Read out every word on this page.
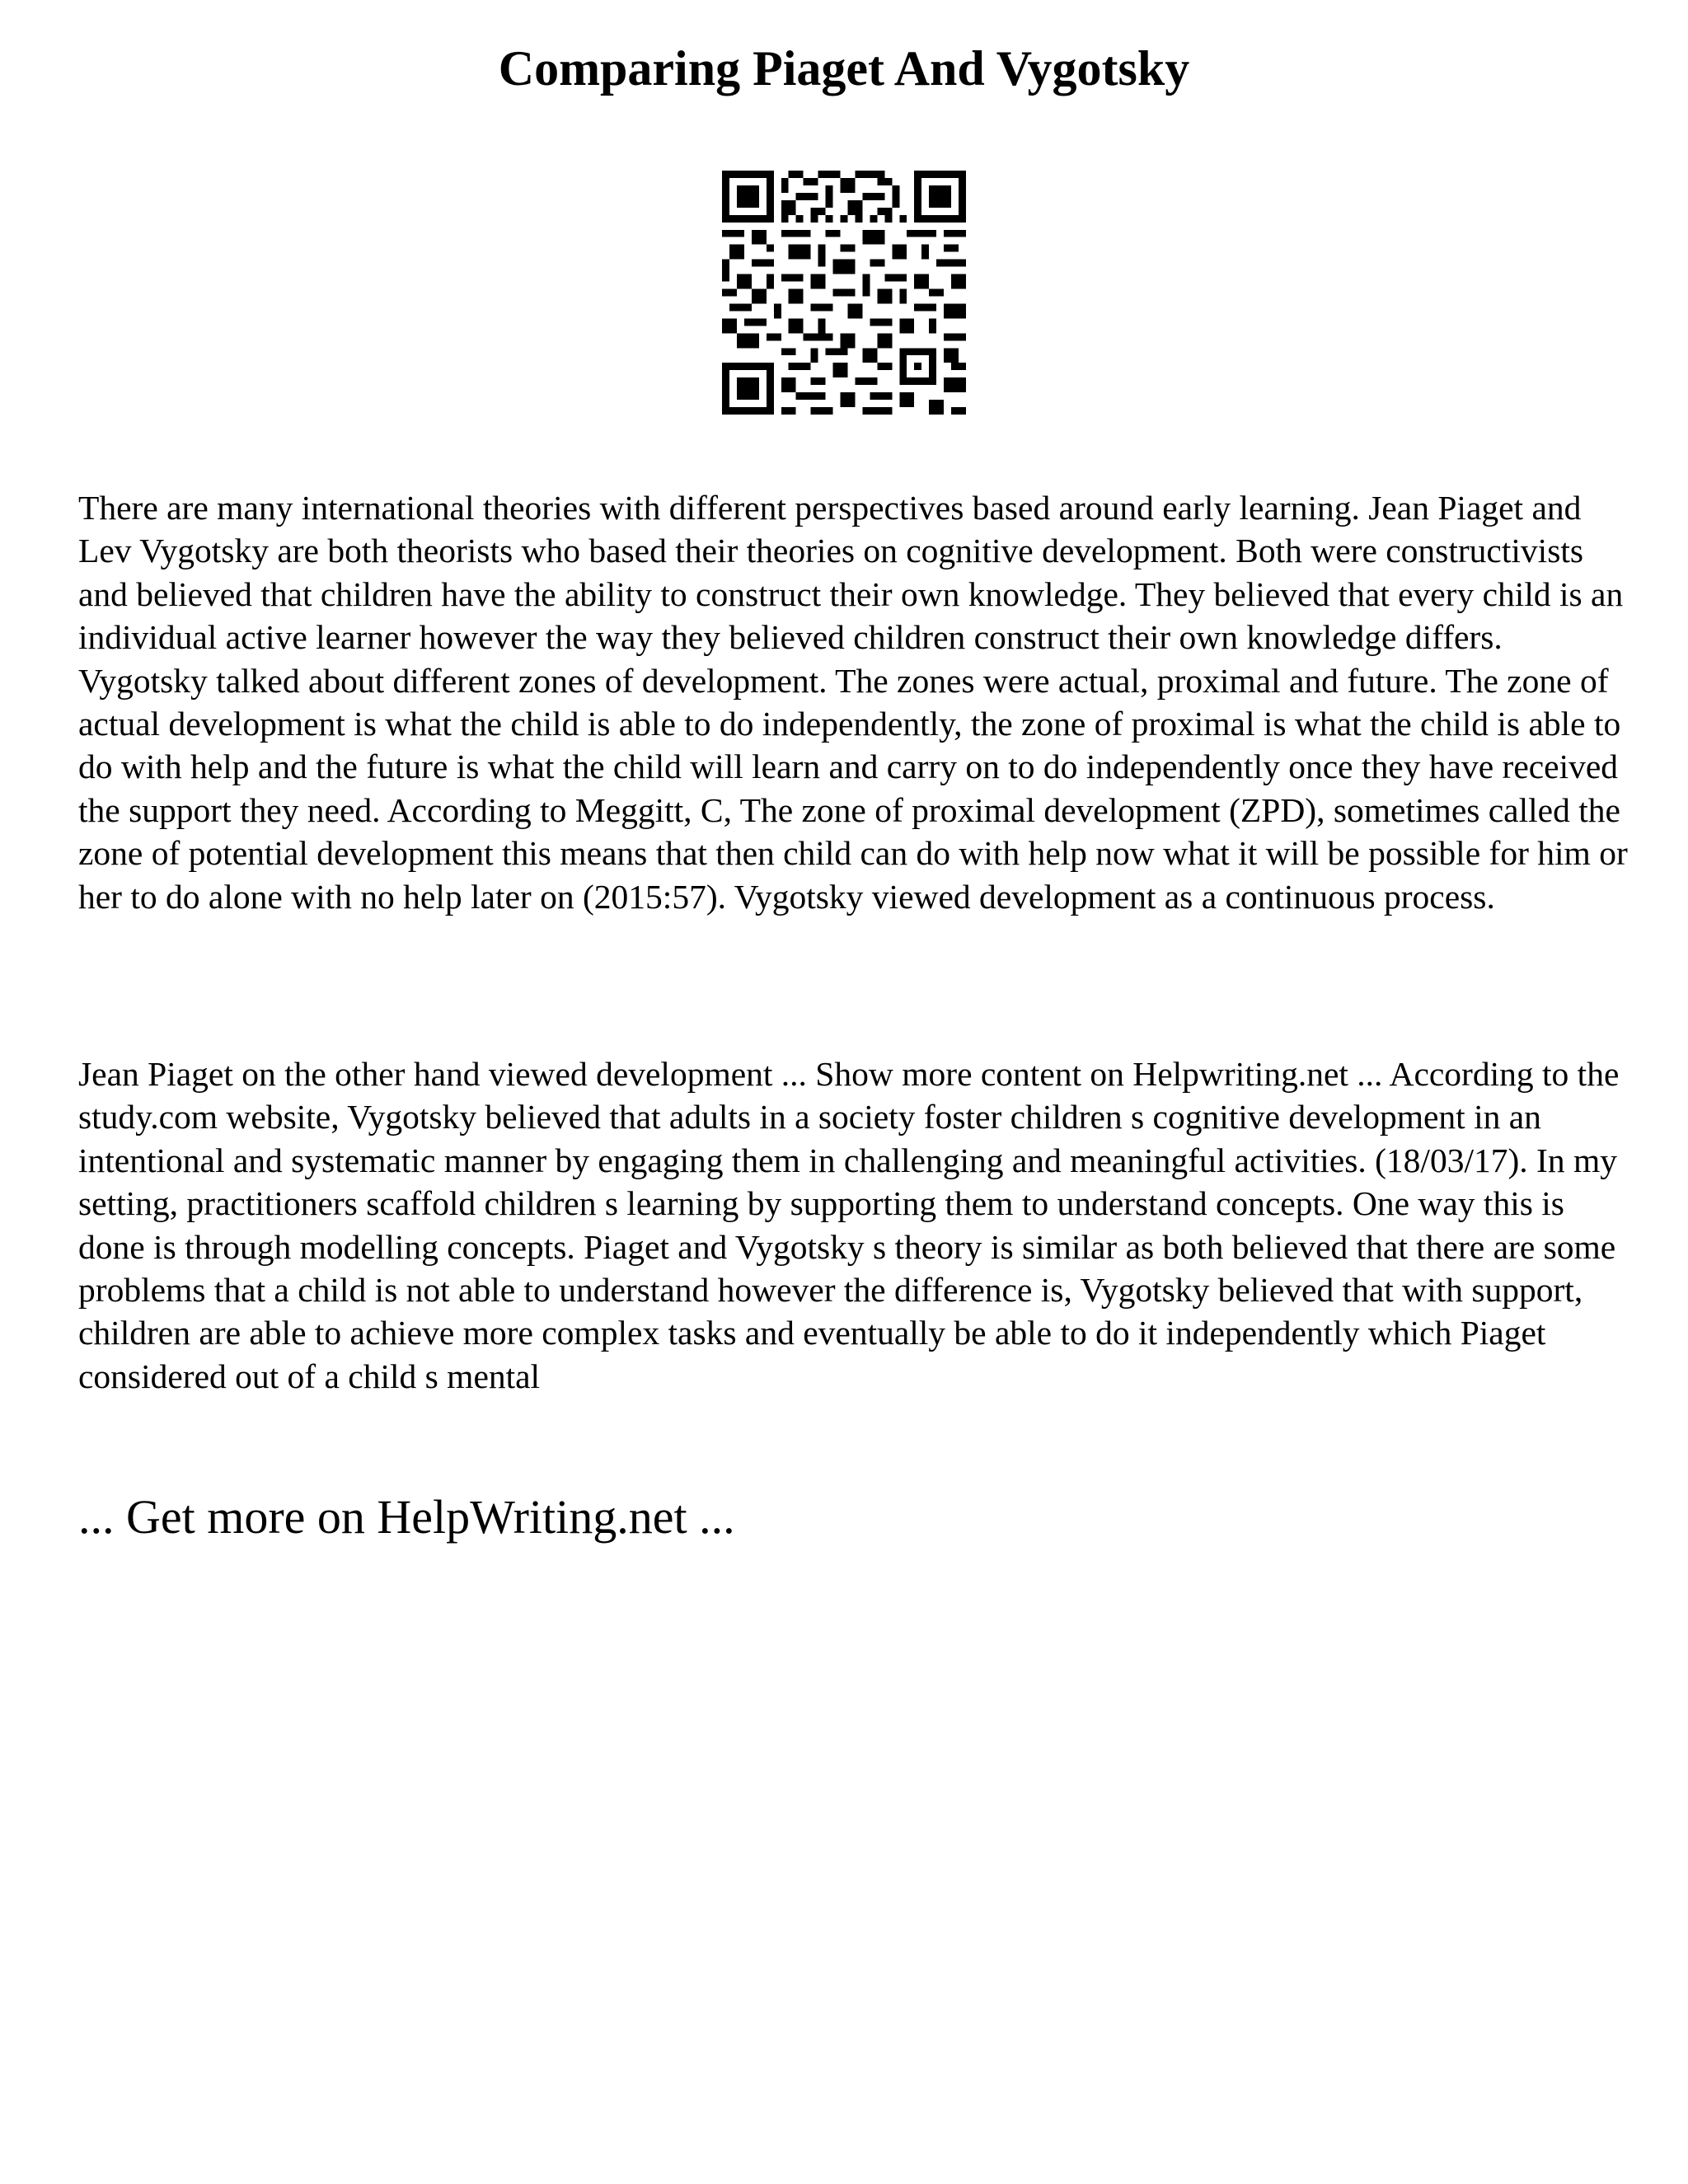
Comparing Piaget And Vygotsky

There are many international theories with different perspectives based around early learning. Jean Piaget and Lev Vygotsky are both theorists who based their theories on cognitive development. Both were constructivists and believed that children have the ability to construct their own knowledge. They believed that every child is an individual active learner however the way they believed children construct their own knowledge differs. Vygotsky talked about different zones of development. The zones were actual, proximal and future. The zone of actual development is what the child is able to do independently, the zone of proximal is what the child is able to do with help and the future is what the child will learn and carry on to do independently once they have received the support they need. According to Meggitt, C, The zone of proximal development (ZPD), sometimes called the zone of potential development this means that then child can do with help now what it will be possible for him or her to do alone with no help later on (2015:57). Vygotsky viewed development as a continuous process.

Jean Piaget on the other hand viewed development ... Show more content on Helpwriting.net ... According to the study.com website, Vygotsky believed that adults in a society foster children s cognitive development in an intentional and systematic manner by engaging them in challenging and meaningful activities. (18/03/17). In my setting, practitioners scaffold children s learning by supporting them to understand concepts. One way this is done is through modelling concepts. Piaget and Vygotsky s theory is similar as both believed that there are some problems that a child is not able to understand however the difference is, Vygotsky believed that with support, children are able to achieve more complex tasks and eventually be able to do it independently which Piaget considered out of a child s mental

... Get more on HelpWriting.net ...
